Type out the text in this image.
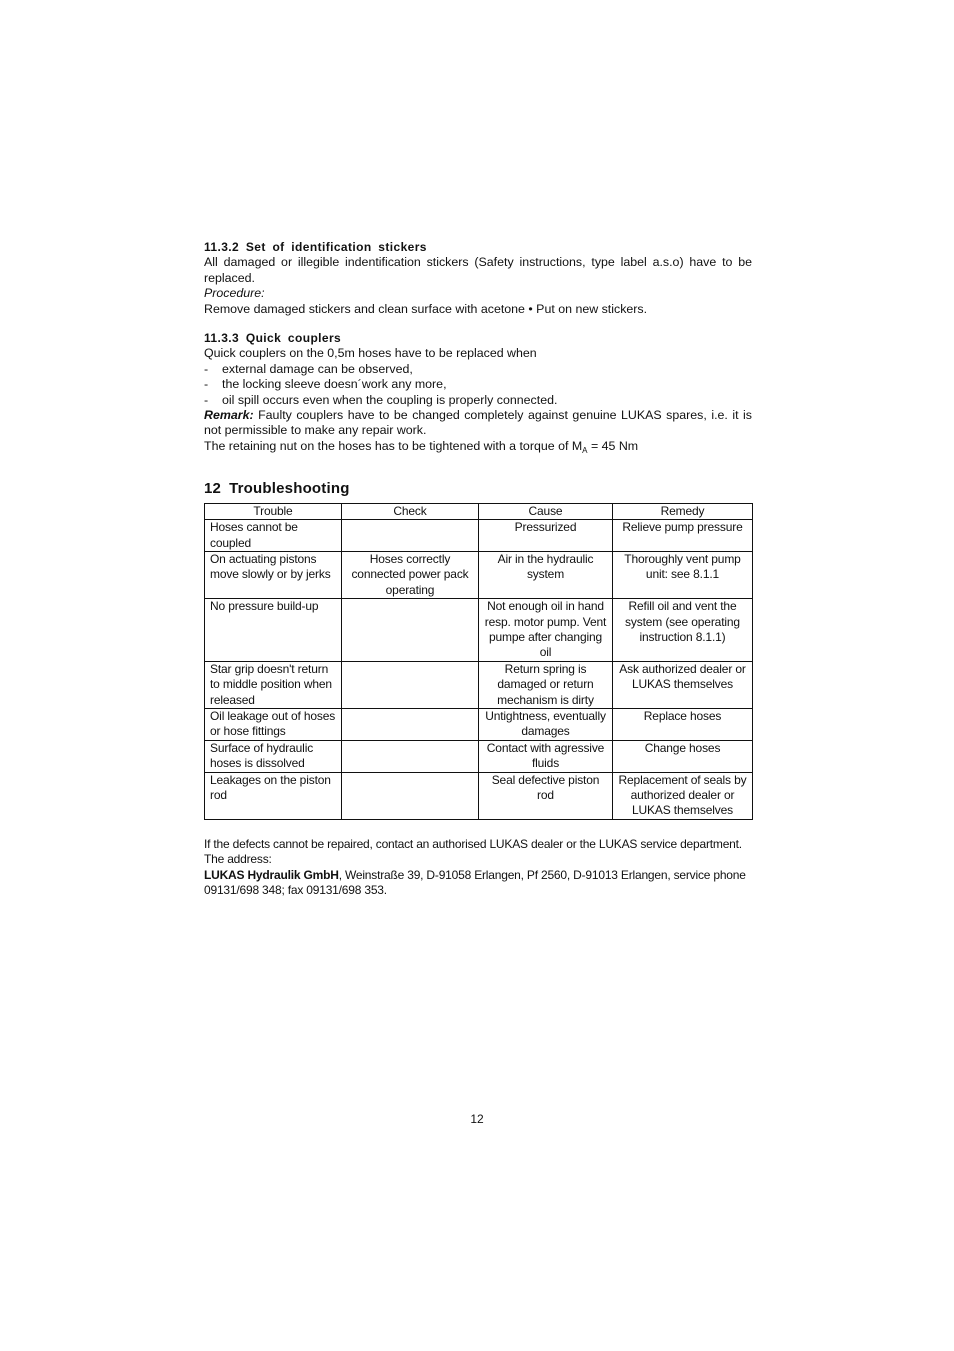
11.3.2 Set of identification stickers

All damaged or illegible indentification stickers (Safety instructions, type label a.s.o) have to be replaced.

Procedure:

Remove damaged stickers and clean surface with acetone • Put on new stickers.

11.3.3 Quick couplers

Quick couplers on the 0,5m hoses have to be replaced when

- external damage can be observed,
- the locking sleeve doesn´work any more,
- oil spill occurs even when the coupling is properly connected.

Remark: Faulty couplers have to be changed completely against genuine LUKAS spares, i.e. it is not permissible to make any repair work.

The retaining nut on the hoses has to be tightened with a torque of $M_A = 45$ Nm

12 Troubleshooting
Trouble	Check	Cause	Remedy
Hoses cannot be coupled		Pressurized	Relieve pump pressure
On actuating pistons move slowly or by jerks	Hoses correctly connected power pack operating	Air in the hydraulic system	Thoroughly vent pump unit: see 8.1.1
No pressure build-up		Not enough oil in hand resp. motor pump. Vent pumpe after changing oil	Refill oil and vent the system (see operating instruction 8.1.1)
Star grip doesn't return to middle position when released		Return spring is damaged or return mechanism is dirty	Ask authorized dealer or LUKAS themselves
Oil leakage out of hoses or hose fittings		Untightness, eventually damages	Replace hoses
Surface of hydraulic hoses is dissolved		Contact with agressive fluids	Change hoses
Leakages on the piston rod		Seal defective piston rod	Replacement of seals by authorized dealer or LUKAS themselves

If the defects cannot be repaired, contact an authorised LUKAS dealer or the LUKAS service department. The address:

LUKAS Hydraulik GmbH, Weinstraße 39, D-91058 Erlangen, Pf 2560, D-91013 Erlangen, service phone 09131/698 348; fax 09131/698 353.

12
